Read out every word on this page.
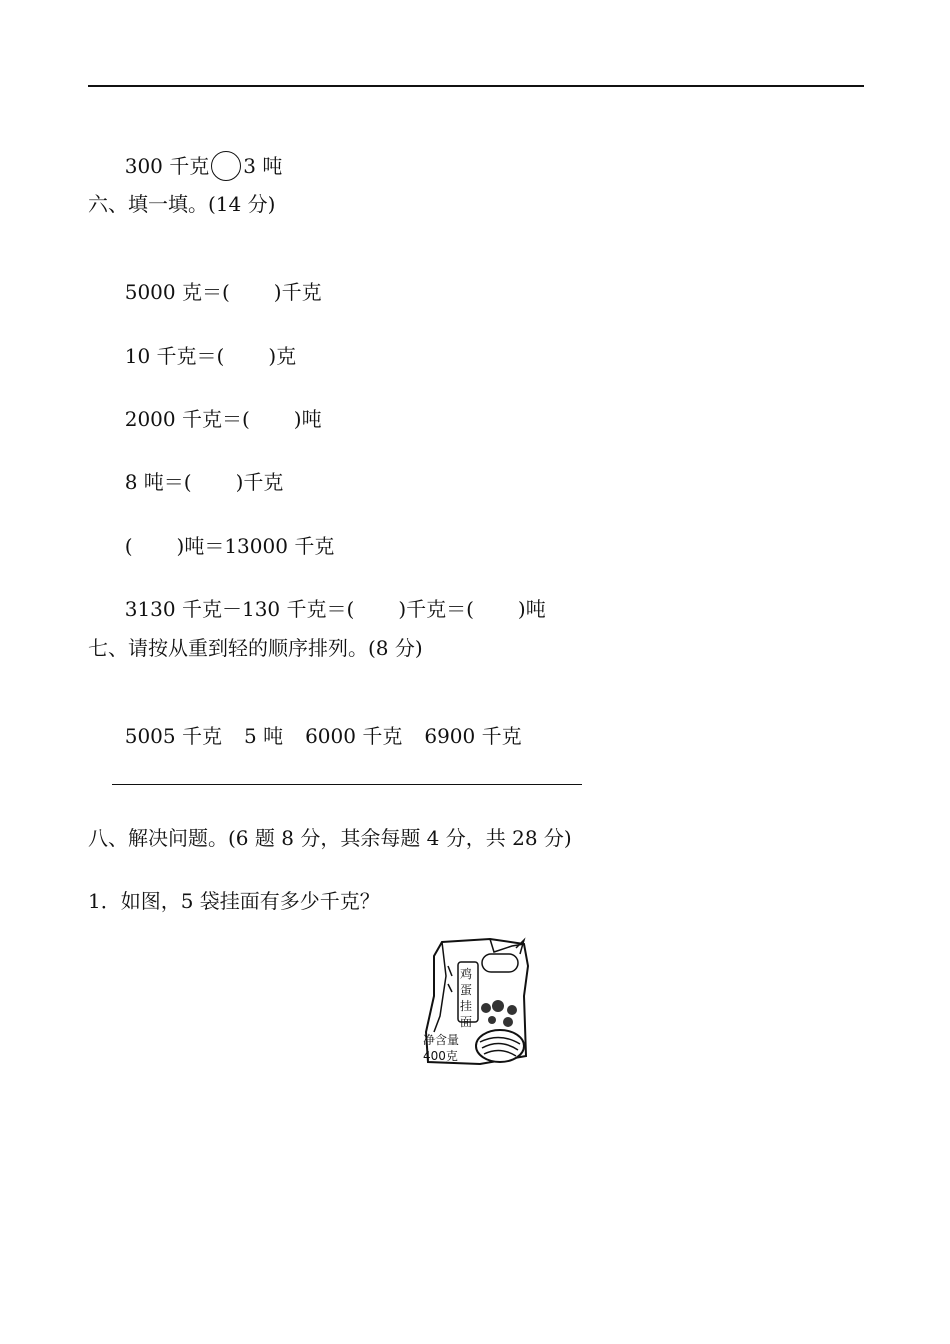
300 千克 3 吨

六、填一填。(14 分)

5000 克＝( )千克

10 千克＝( )克

2000 千克＝( )吨

8 吨＝( )千克

( )吨＝13000 千克

3130 千克－130 千克＝( )千克＝( )吨

七、请按从重到轻的顺序排列。(8 分)

5005 千克 5 吨 6000 千克 6900 千克

八、解决问题。(6 题 8 分，其余每题 4 分，共 28 分)
1．如图，5 袋挂面有多少千克？
鸡
蛋
挂
面
净含量
400克
